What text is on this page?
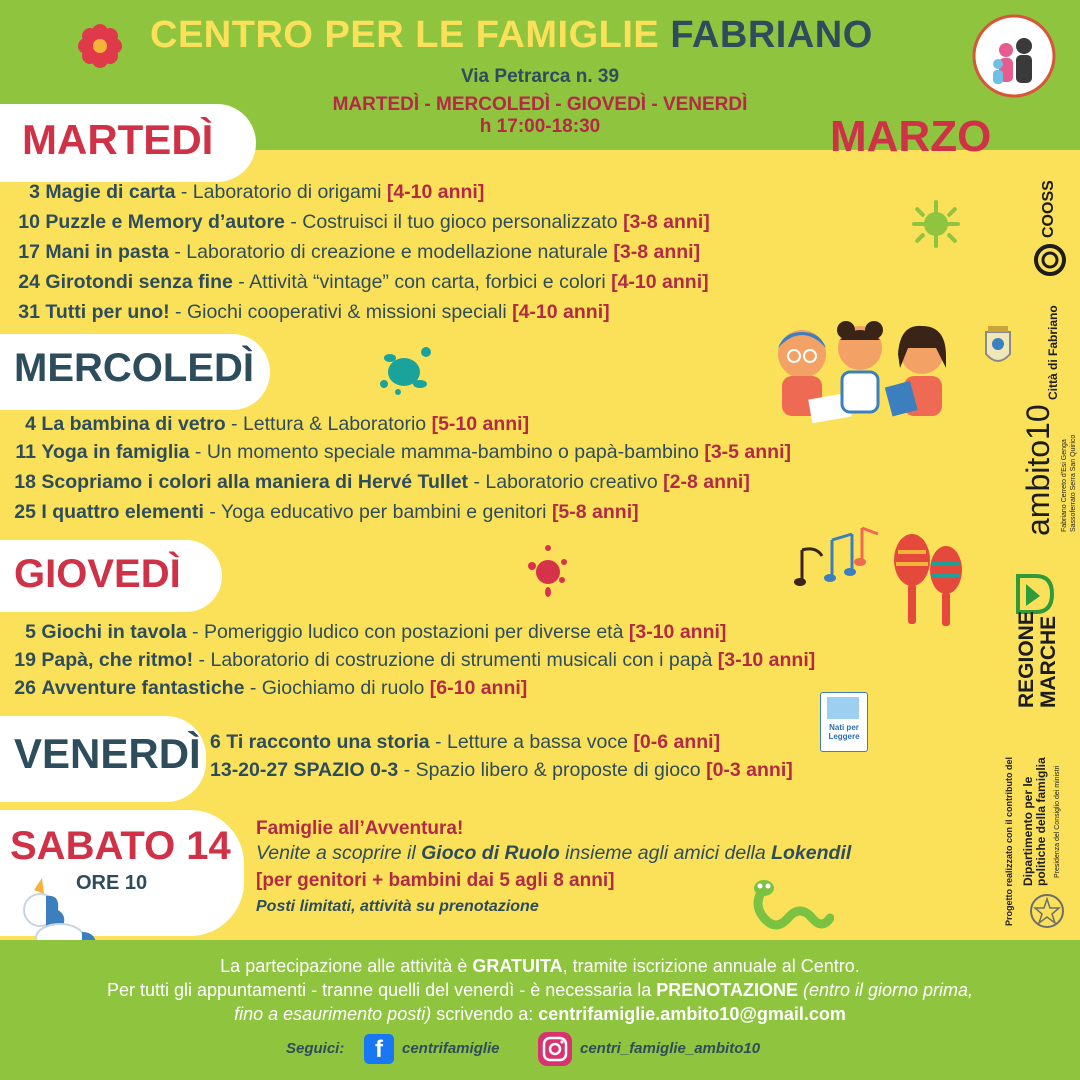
CENTRO PER LE FAMIGLIE FABRIANO
Via Petrarca n. 39
MARTEDÌ - MERCOLEDÌ - GIOVEDÌ - VENERDÌ
h 17:00-18:30	MARZO
MARTEDÌ
3 Magie di carta - Laboratorio di origami [4-10 anni]
10 Puzzle e Memory d’autore - Costruisci il tuo gioco personalizzato [3-8 anni]
17 Mani in pasta - Laboratorio di creazione e modellazione naturale [3-8 anni]
24 Girotondi senza fine - Attività “vintage” con carta, forbici e colori [4-10 anni]
31 Tutti per uno! - Giochi cooperativi & missioni speciali [4-10 anni]
MERCOLEDÌ
4 La bambina di vetro - Lettura & Laboratorio [5-10 anni]
11 Yoga in famiglia - Un momento speciale mamma-bambino o papà-bambino [3-5 anni]
18 Scopriamo i colori alla maniera di Hervé Tullet - Laboratorio creativo [2-8 anni]
25 I quattro elementi - Yoga educativo per bambini e genitori [5-8 anni]
GIOVEDÌ
5 Giochi in tavola - Pomeriggio ludico con postazioni per diverse età [3-10 anni]
19 Papà, che ritmo! - Laboratorio di costruzione di strumenti musicali con i papà [3-10 anni]
26 Avventure fantastiche - Giochiamo di ruolo [6-10 anni]
VENERDÌ 6 Ti racconto una storia - Letture a bassa voce [0-6 anni]
13-20-27 SPAZIO 0-3 - Spazio libero & proposte di gioco [0-3 anni]
Nati per Leggere
SABATO 14
ORE 10
Famiglie all’Avventura!
Venite a scoprire il Gioco di Ruolo insieme agli amici della Lokendil
[per genitori + bambini dai 5 agli 8 anni]
Posti limitati, attività su prenotazione
COOSS
Città di Fabriano
ambito10 Fabriano Cerreto d'Esi Genga Sassoferrato Serra San Quirico
REGIONE MARCHE
Progetto realizzato con il contributo del Dipartimento per le politiche della famiglia Presidenza del Consiglio dei ministri
La partecipazione alle attività è GRATUITA, tramite iscrizione annuale al Centro.
Per tutti gli appuntamenti - tranne quelli del venerdì - è necessaria la PRENOTAZIONE (entro il giorno prima,
fino a esaurimento posti) scrivendo a: centrifamiglie.ambito10@gmail.com
Seguici:	f	centrifamiglie	centri_famiglie_ambito10
